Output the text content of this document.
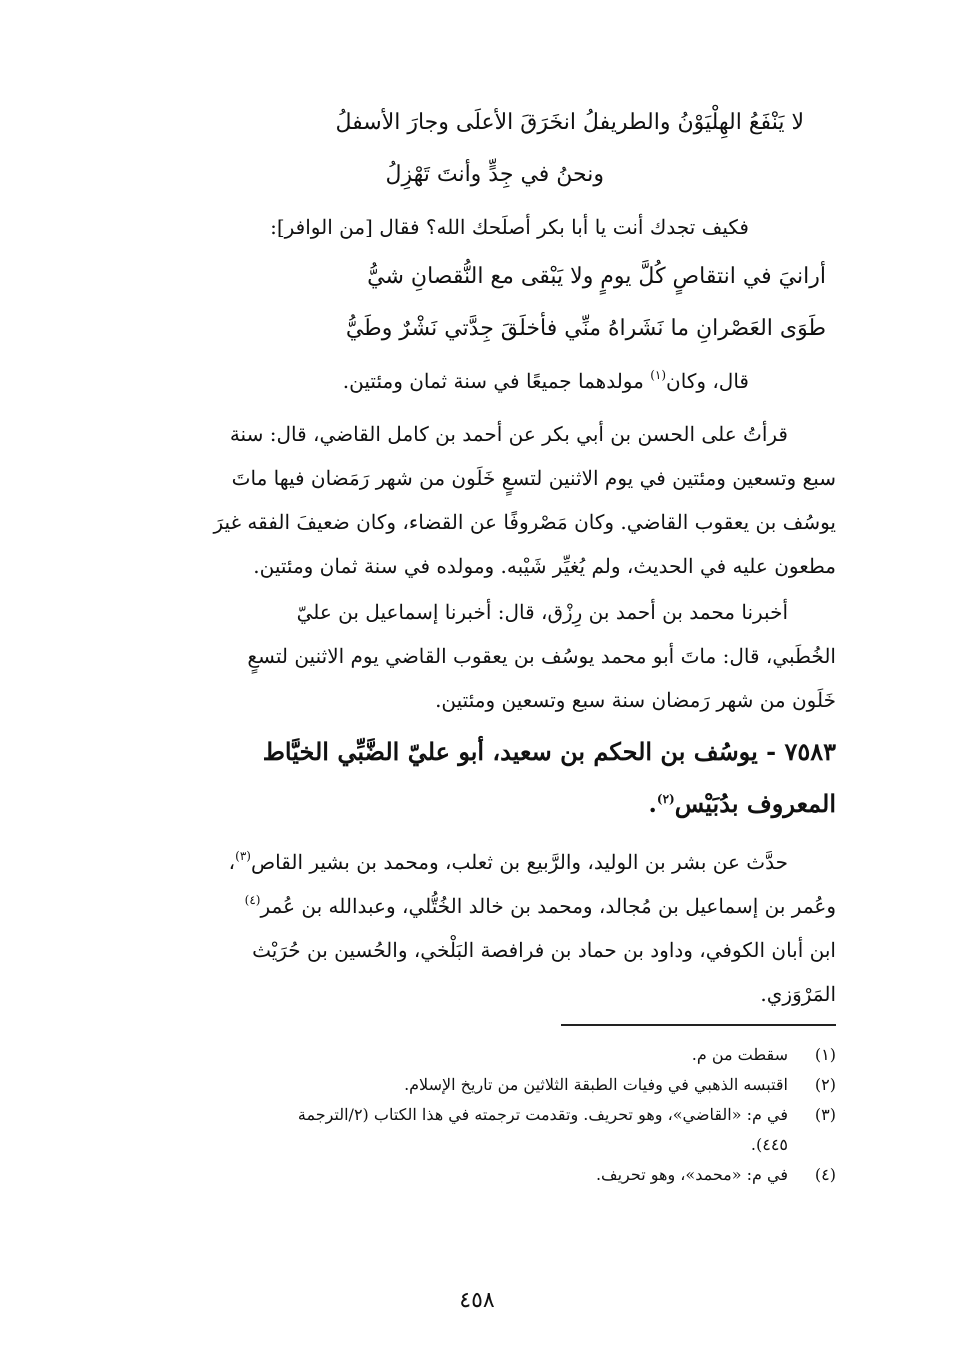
لا يَنْفَعُ الهِلْيَوْنُ والطريفلُ انخَرَقَ الأعلَى وجارَ الأسفلُ
ونحنُ في جِدٍّ وأنتَ تَهْزِلُ
فكيف تجدك أنت يا أبا بكر أصلَحك الله؟ فقال [من الوافر]:
أرانيَ في انتقاصٍ كُلَّ يومٍ ولا يَبْقى مع النُّقصانِ شيُّ
طَوَى العَصْرانِ ما نَشَراهُ منِّي فأخلَقَ جِدَّتي نَشْرٌ وطَيُّ
قال، وكان$^{(١)}$ مولدهما جميعًا في سنة ثمان ومئتين.
قرأتُ على الحسن بن أبي بكر عن أحمد بن كامل القاضي، قال: سنة
سبع وتسعين ومئتين في يوم الاثنين لتسعٍ خَلَون من شهر رَمَضان فيها ماتَ
يوسُف بن يعقوب القاضي. وكان مَصْروفًا عن القضاء، وكان ضعيفَ الفقه غيرَ
مطعون عليه في الحديث، ولم يُغيِّر شَيْبه. ومولده في سنة ثمان ومئتين.
أخبرنا محمد بن أحمد بن رِزْق، قال: أخبرنا إسماعيل بن عليّ
الخُطَبي، قال: ماتَ أبو محمد يوسُف بن يعقوب القاضي يوم الاثنين لتسعٍ
خَلَون من شهر رَمضان سنة سبع وتسعين ومئتين.
٧٥٨٣ - يوسُف بن الحكم بن سعيد، أبو عليّ الضَّبِّي الخيَّاط
المعروف بدُبَيْس$^{(٢)}$.
حدَّث عن بشر بن الوليد، والرَّبيع بن ثعلب، ومحمد بن بشير القاص$^{(٣)}$،
وعُمر بن إسماعيل بن مُجالد، ومحمد بن خالد الخُتُّلي، وعبدالله بن عُمر$^{(٤)}$
ابن أبان الكوفي، وداود بن حماد بن فرافصة البَلْخي، والحُسين بن حُرَيْث
المَرْوَزي.
(١)
سقطت من م.
(٢)
اقتبسه الذهبي في وفيات الطبقة الثلاثين من تاريخ الإسلام.
(٣)
في م: «القاضي»، وهو تحريف. وتقدمت ترجمته في هذا الكتاب (٢/الترجمة
٤٤٥).
(٤)
في م: «محمد»، وهو تحريف.
٤٥٨
